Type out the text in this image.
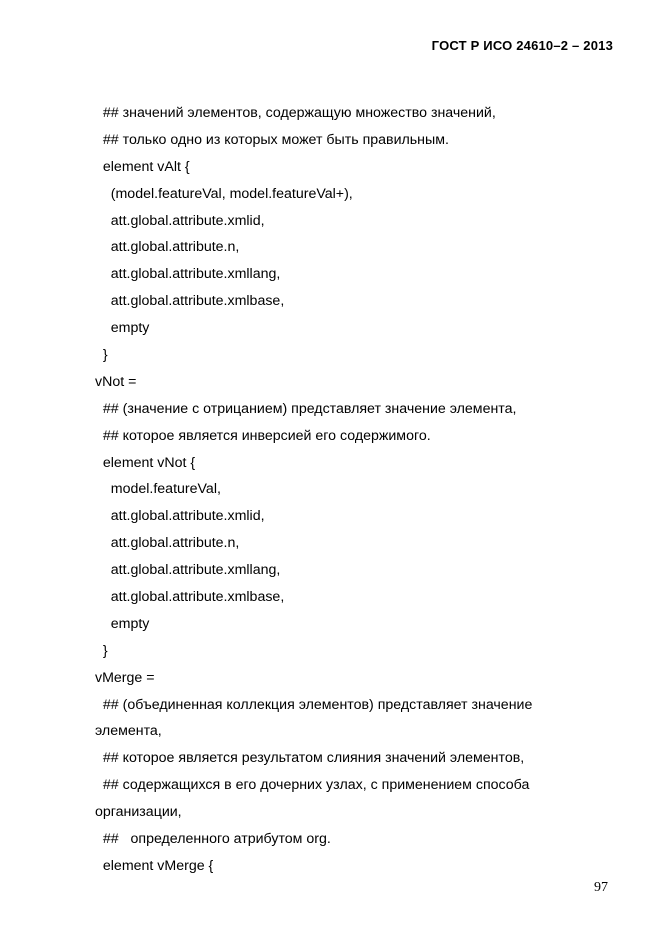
ГОСТ Р ИСО 24610–2 – 2013
## значений элементов, содержащую множество значений,
## только одно из которых может быть правильным.
element vAlt {
(model.featureVal, model.featureVal+),
att.global.attribute.xmlid,
att.global.attribute.n,
att.global.attribute.xmllang,
att.global.attribute.xmlbase,
empty
}
vNot =
## (значение с отрицанием) представляет значение элемента,
## которое является инверсией его содержимого.
element vNot {
model.featureVal,
att.global.attribute.xmlid,
att.global.attribute.n,
att.global.attribute.xmllang,
att.global.attribute.xmlbase,
empty
}
vMerge =
## (объединенная коллекция элементов) представляет значение
элемента,
## которое является результатом слияния значений элементов,
## содержащихся в его дочерних узлах, с применением способа
организации,
##   определенного атрибутом org.
element vMerge {
97
